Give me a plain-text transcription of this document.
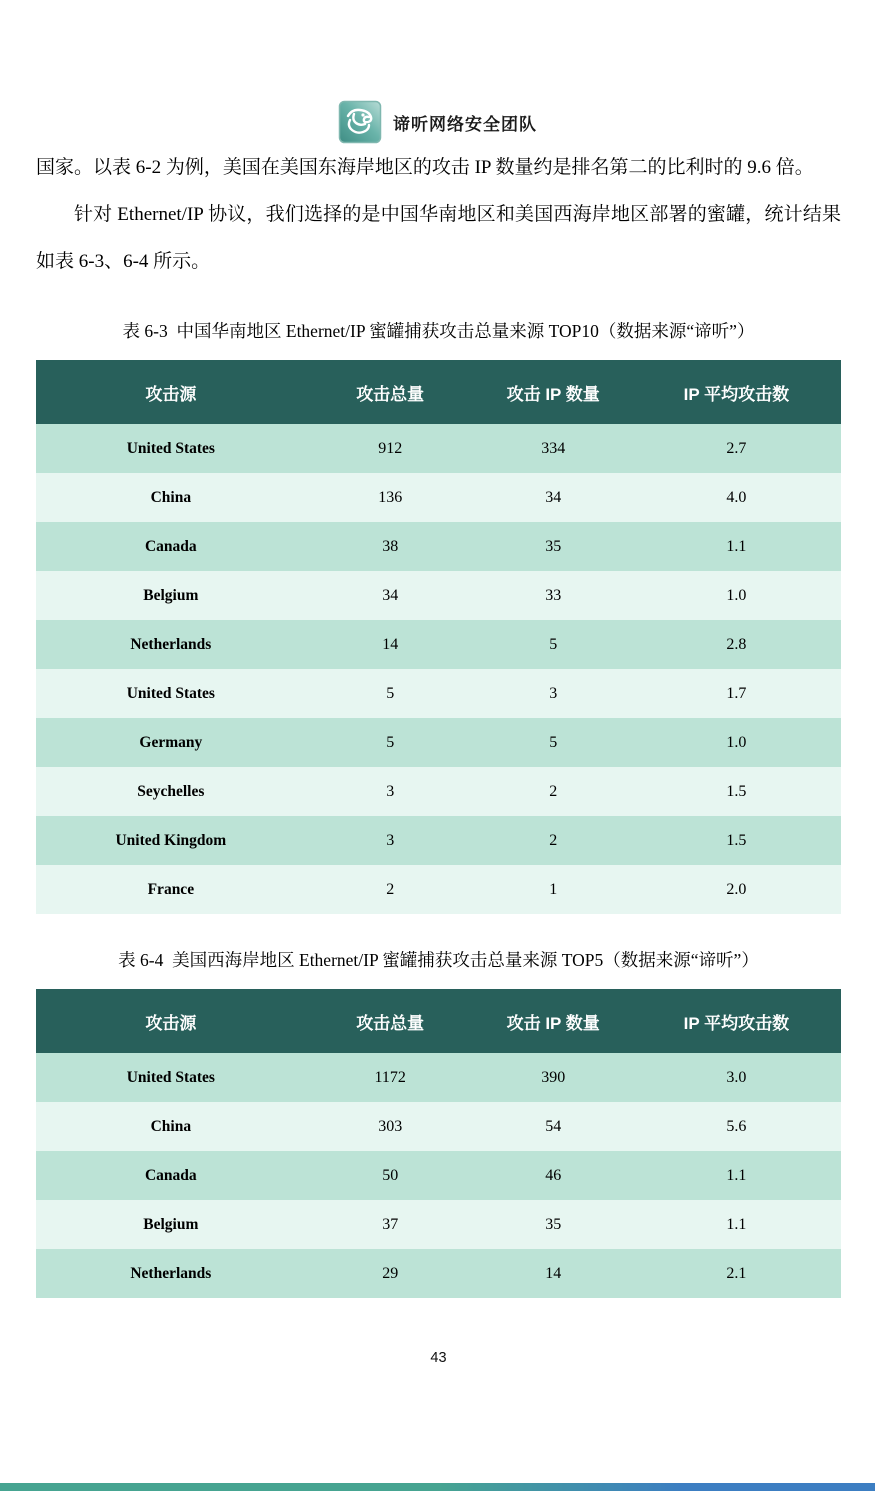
谛听网络安全团队

国家。以表 6-2 为例，美国在美国东海岸地区的攻击 IP 数量约是排名第二的比利时的 9.6 倍。

针对 Ethernet/IP 协议，我们选择的是中国华南地区和美国西海岸地区部署的蜜罐，统计结果如表 6-3、6-4 所示。

表 6-3  中国华南地区 Ethernet/IP 蜜罐捕获攻击总量来源 TOP10（数据来源“谛听”）
攻击源	攻击总量	攻击 IP 数量	IP 平均攻击数
United States	912	334	2.7
China	136	34	4.0
Canada	38	35	1.1
Belgium	34	33	1.0
Netherlands	14	5	2.8
United States	5	3	1.7
Germany	5	5	1.0
Seychelles	3	2	1.5
United Kingdom	3	2	1.5
France	2	1	2.0
表 6-4  美国西海岸地区 Ethernet/IP 蜜罐捕获攻击总量来源 TOP5（数据来源“谛听”）
攻击源	攻击总量	攻击 IP 数量	IP 平均攻击数
United States	1172	390	3.0
China	303	54	5.6
Canada	50	46	1.1
Belgium	37	35	1.1
Netherlands	29	14	2.1
43
